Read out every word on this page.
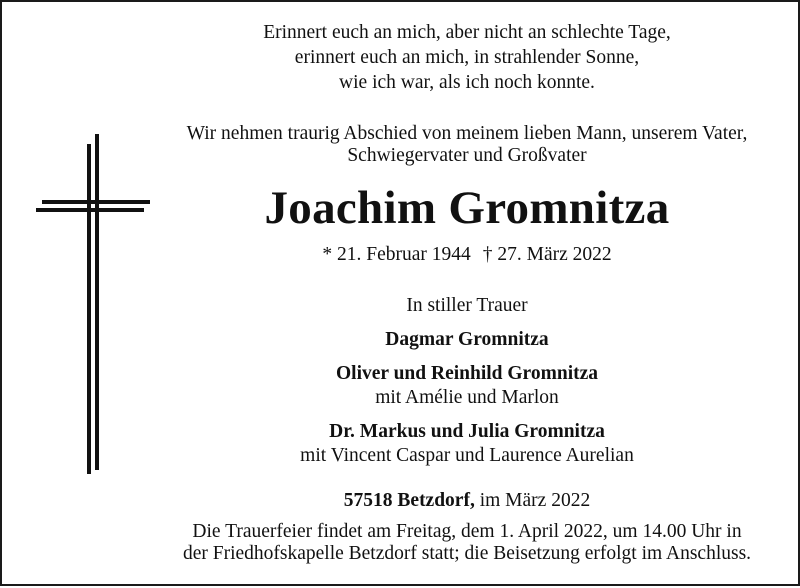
Erinnert euch an mich, aber nicht an schlechte Tage,
erinnert euch an mich, in strahlender Sonne,
wie ich war, als ich noch konnte.
Wir nehmen traurig Abschied von meinem lieben Mann, unserem Vater,
Schwiegervater und Großvater
Joachim Gromnitza
* 21. Februar 1944 † 27. März 2022
In stiller Trauer
Dagmar Gromnitza
Oliver und Reinhild Gromnitza
mit Amélie und Marlon
Dr. Markus und Julia Gromnitza
mit Vincent Caspar und Laurence Aurelian
57518 Betzdorf, im März 2022
Die Trauerfeier findet am Freitag, dem 1. April 2022, um 14.00 Uhr in
der Friedhofskapelle Betzdorf statt; die Beisetzung erfolgt im Anschluss.
